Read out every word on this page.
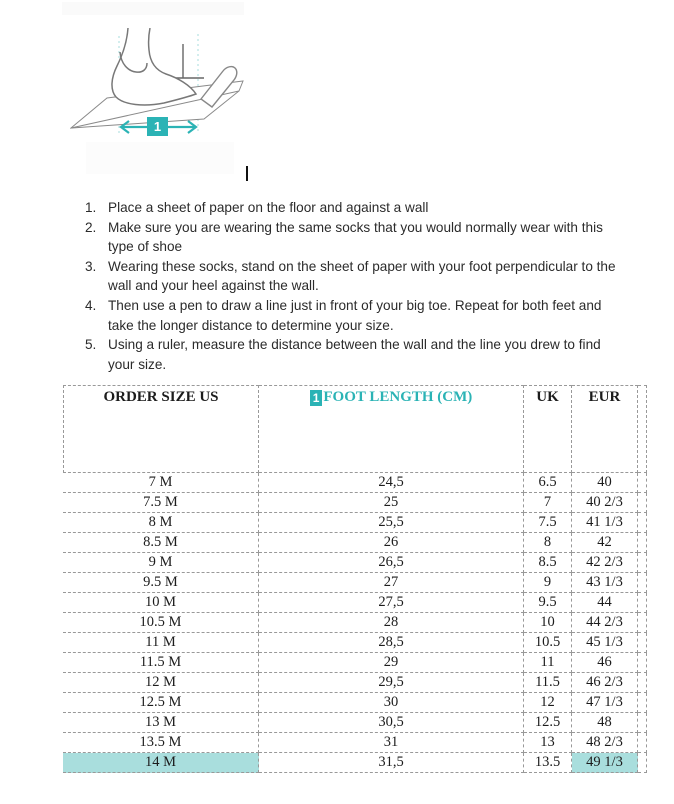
1
1. Place a sheet of paper on the floor and against a wall
2. Make sure you are wearing the same socks that you would normally wear with this type of shoe
3. Wearing these socks, stand on the sheet of paper with your foot perpendicular to the wall and your heel against the wall.
4. Then use a pen to draw a line just in front of your big toe. Repeat for both feet and take the longer distance to determine your size.
5. Using a ruler, measure the distance between the wall and the line you drew to find your size.
ORDER SIZE US	1 FOOT LENGTH (CM)	UK	EUR	
7 M	24,5	6.5	40	
7.5 M	25	7	40 2/3	
8 M	25,5	7.5	41 1/3	
8.5 M	26	8	42	
9 M	26,5	8.5	42 2/3	
9.5 M	27	9	43 1/3	
10 M	27,5	9.5	44	
10.5 M	28	10	44 2/3	
11 M	28,5	10.5	45 1/3	
11.5 M	29	11	46	
12 M	29,5	11.5	46 2/3	
12.5 M	30	12	47 1/3	
13 M	30,5	12.5	48	
13.5 M	31	13	48 2/3	
14 M	31,5	13.5	49 1/3	
